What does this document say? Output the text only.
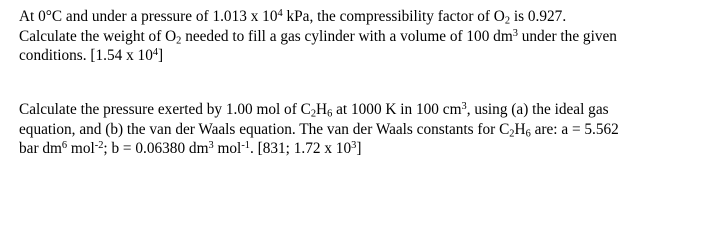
At 0°C and under a pressure of 1.013 x $10^4$ kPa, the compressibility factor of $O_2$ is 0.927.
Calculate the weight of $O_2$ needed to fill a gas cylinder with a volume of 100 $dm^3$ under the given
conditions. [1.54 x $10^4$]
Calculate the pressure exerted by 1.00 mol of $C_2H_6$ at 1000 K in 100 $cm^3$, using (a) the ideal gas
equation, and (b) the van der Waals equation. The van der Waals constants for $C_2H_6$ are: a = 5.562
bar $dm^6$ mol$^{-2}$; b = 0.06380 $dm^3$ mol$^{-1}$. [831; 1.72 x $10^3$]
